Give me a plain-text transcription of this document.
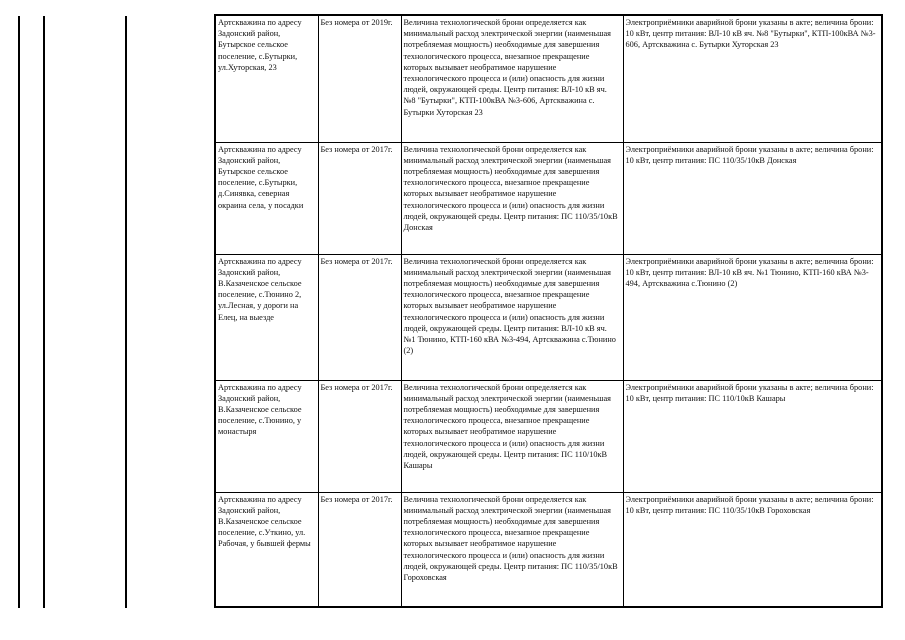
Артскважина по адресу Задонский район, Бутырское сельское поселение, с.Бутырки, ул.Хуторская, 23	Без номера от 2019г.	Величина технологической брони определяется как минимальный расход электрической энергии (наименьшая потребляемая мощность) необходимые для завершения технологического процесса, внезапное прекращение которых вызывает необратимое нарушение технологического процесса и (или) опасность для жизни людей, окружающей среды. Центр питания: ВЛ-10 кВ яч. №8 "Бутырки", КТП-100кВА №3-606, Артскважина с. Бутырки Хуторская 23	Электроприёмники аварийной брони указаны в акте; величина брони: 10 кВт, центр питания: ВЛ-10 кВ яч. №8 "Бутырки", КТП-100кВА №3-606, Артскважина с. Бутырки Хуторская 23
Артскважина по адресу Задонский район, Бутырское сельское поселение, с.Бутырки, д.Синявка, северная окраина села, у посадки	Без номера от 2017г.	Величина технологической брони определяется как минимальный расход электрической энергии (наименьшая потребляемая мощность) необходимые для завершения технологического процесса, внезапное прекращение которых вызывает необратимое нарушение технологического процесса и (или) опасность для жизни людей, окружающей среды. Центр питания: ПС 110/35/10кВ Донская	Электроприёмники аварийной брони указаны в акте; величина брони: 10 кВт, центр питания: ПС 110/35/10кВ Донская
Артскважина по адресу Задонский район, В.Казаченское сельское поселение, с.Тюнино 2, ул.Лесная, у дороги на Елец, на выезде	Без номера от 2017г.	Величина технологической брони определяется как минимальный расход электрической энергии (наименьшая потребляемая мощность) необходимые для завершения технологического процесса, внезапное прекращение которых вызывает необратимое нарушение технологического процесса и (или) опасность для жизни людей, окружающей среды. Центр питания: ВЛ-10 кВ яч. №1 Тюнино, КТП-160 кВА №3-494, Артскважина с.Тюнино (2)	Электроприёмники аварийной брони указаны в акте; величина брони: 10 кВт, центр питания: ВЛ-10 кВ яч. №1 Тюнино, КТП-160 кВА №3-494, Артскважина с.Тюнино (2)
Артскважина по адресу Задонский район, В.Казаченское сельское поселение, с.Тюнино, у монастыря	Без номера от 2017г.	Величина технологической брони определяется как минимальный расход электрической энергии (наименьшая потребляемая мощность) необходимые для завершения технологического процесса, внезапное прекращение которых вызывает необратимое нарушение технологического процесса и (или) опасность для жизни людей, окружающей среды. Центр питания: ПС 110/10кВ Кашары	Электроприёмники аварийной брони указаны в акте; величина брони: 10 кВт, центр питания: ПС 110/10кВ Кашары
Артскважина по адресу Задонский район, В.Казаченское сельское поселение, с.Уткино, ул. Рабочая, у бывшей фермы	Без номера от 2017г.	Величина технологической брони определяется как минимальный расход электрической энергии (наименьшая потребляемая мощность) необходимые для завершения технологического процесса, внезапное прекращение которых вызывает необратимое нарушение технологического процесса и (или) опасность для жизни людей, окружающей среды. Центр питания: ПС 110/35/10кВ Гороховская	Электроприёмники аварийной брони указаны в акте; величина брони: 10 кВт, центр питания: ПС 110/35/10кВ Гороховская
